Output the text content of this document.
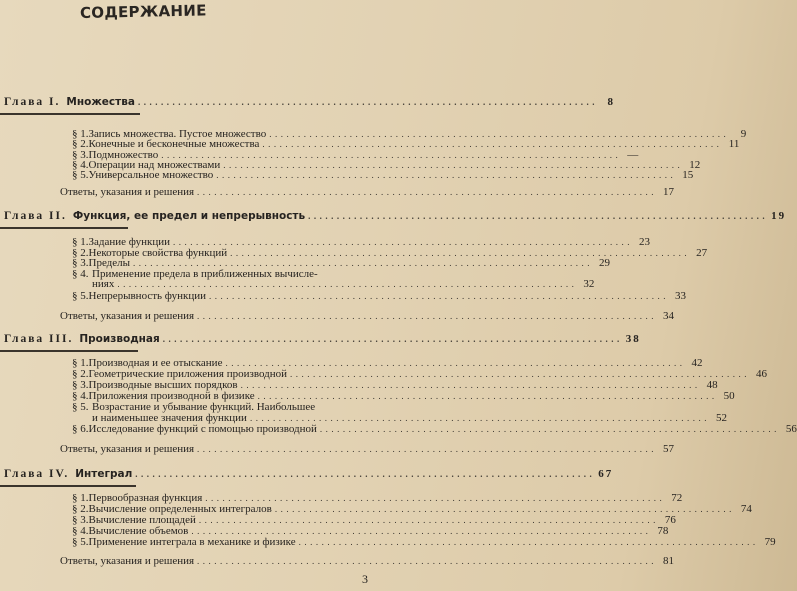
СОДЕРЖАНИЕ
Глава I. Множества ................................................................................ 8
§ 1. Запись множества. Пустое множество ................................................................................	9
§ 2. Конечные и бесконечные множества ................................................................................ 11
§ 3. Подмножество ................................................................................ —
§ 4. Операции над множествами ................................................................................ 12
§ 5. Универсальное множество ................................................................................ 15
Ответы, указания и решения ................................................................................ 17
Глава II. Функция, ее предел и непрерывность ................................................................................ 19
§ 1. Задание функции ................................................................................ 23
§ 2. Некоторые свойства функций ................................................................................ 27
§ 3. Пределы ................................................................................ 29
§ 4. Применение предела в приближенных вычисле-
ниях ................................................................................ 32
§ 5. Непрерывность функции ................................................................................ 33
Ответы, указания и решения ................................................................................ 34
Глава III. Производная ................................................................................ 38
§ 1. Производная и ее отыскание ................................................................................ 42
§ 2. Геометрические приложения производной ................................................................................ 46
§ 3. Производные высших порядков ................................................................................ 48
§ 4. Приложения производной в физике ................................................................................ 50
§ 5. Возрастание и убывание функций. Наибольшее
и наименьшее значения функции ................................................................................ 52
§ 6. Исследование функций с помощью производной ................................................................................ 56
Ответы, указания и решения ................................................................................ 57
Глава IV. Интеграл ................................................................................ 67
§ 1. Первообразная функция ................................................................................ 72
§ 2. Вычисление определенных интегралов ................................................................................ 74
§ 3. Вычисление площадей ................................................................................ 76
§ 4. Вычисление объемов ................................................................................ 78
§ 5. Применение интеграла в механике и физике ................................................................................ 79
Ответы, указания и решения ................................................................................ 81
3
